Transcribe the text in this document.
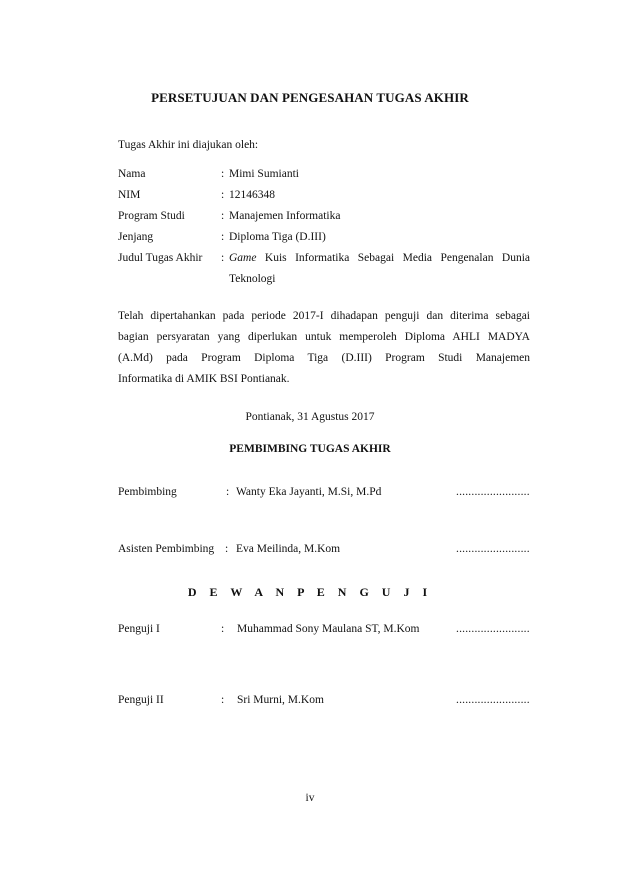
PERSETUJUAN DAN PENGESAHAN TUGAS AKHIR
Tugas Akhir ini diajukan oleh:
Nama	: Mimi Sumianti
NIM	: 12146348
Program Studi	: Manajemen Informatika
Jenjang	: Diploma Tiga (D.III)
Judul Tugas Akhir : Game Kuis Informatika Sebagai Media Pengenalan Dunia
Teknologi
Telah dipertahankan pada periode 2017-I dihadapan penguji dan diterima sebagai
bagian persyaratan yang diperlukan untuk memperoleh Diploma AHLI MADYA
(A.Md) pada Program Diploma Tiga (D.III) Program Studi Manajemen
Informatika di AMIK BSI Pontianak.
Pontianak, 31 Agustus 2017
PEMBIMBING TUGAS AKHIR
Pembimbing	: Wanty Eka Jayanti, M.Si, M.Pd	........................
Asisten Pembimbing : Eva Meilinda, M.Kom	........................
D E W A N P E N G U J I
Penguji I	: Muhammad Sony Maulana ST, M.Kom	........................
Penguji II	: Sri Murni, M.Kom	........................
iv
